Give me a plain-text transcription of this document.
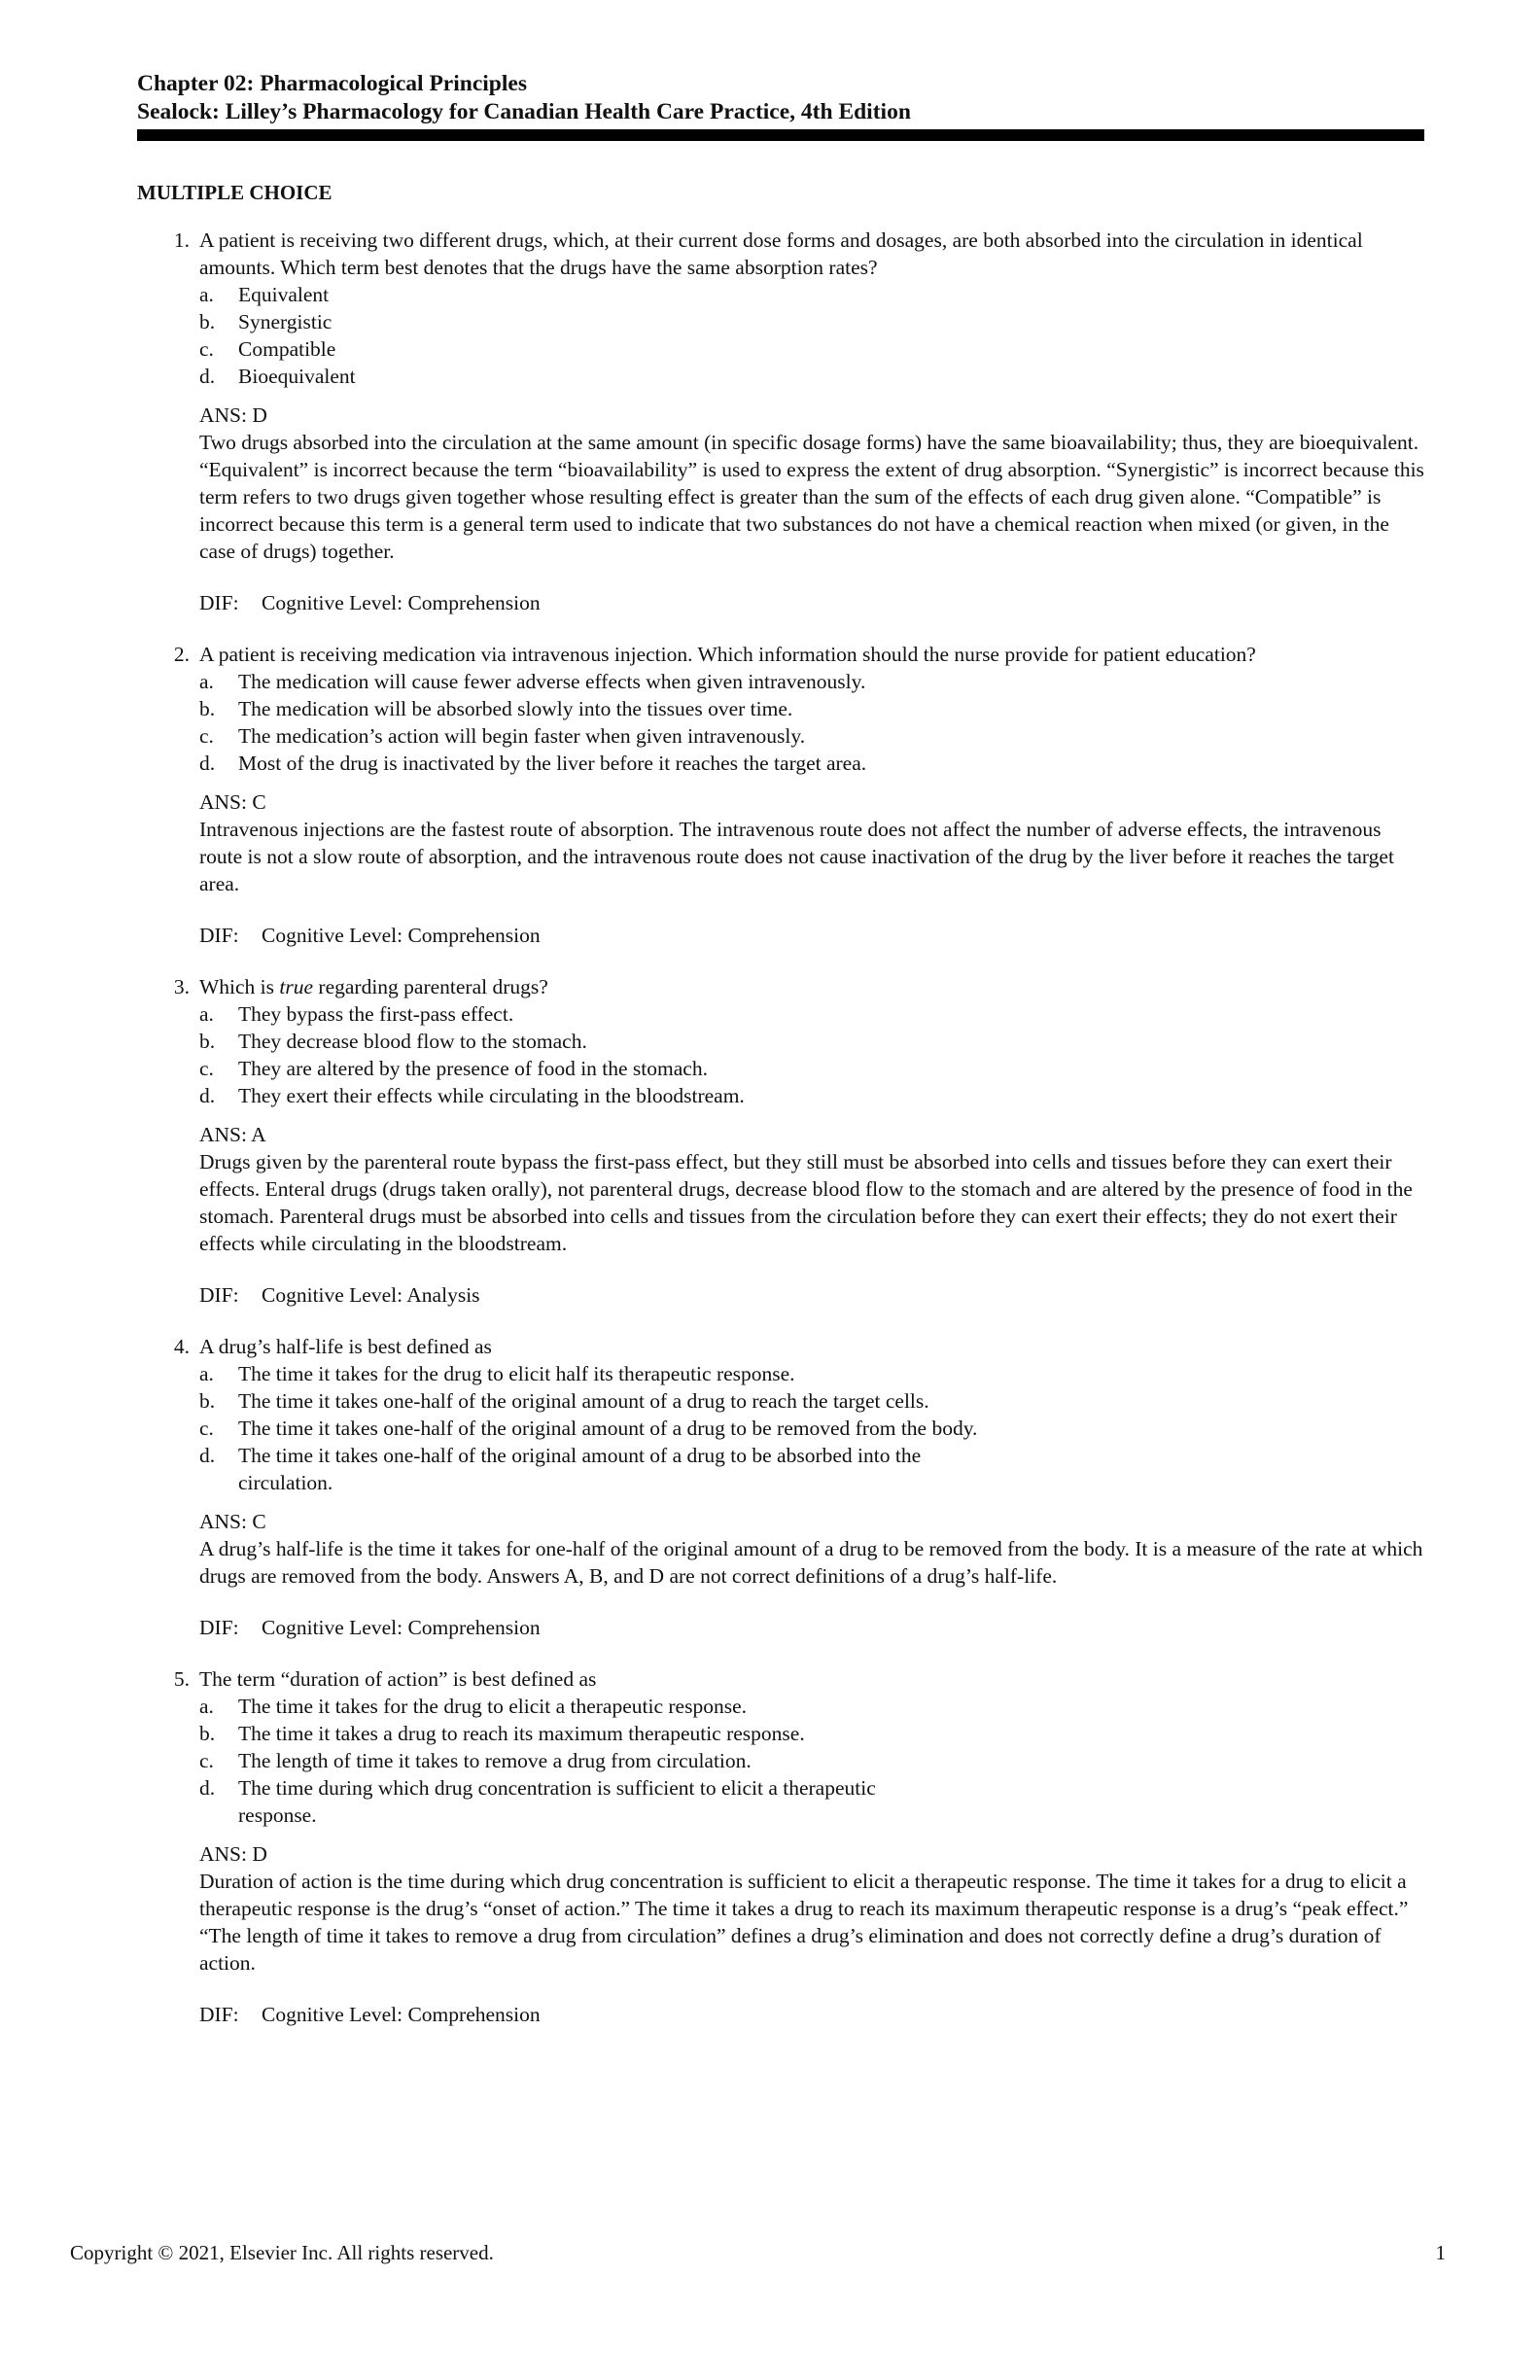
Chapter 02: Pharmacological Principles
Sealock: Lilley’s Pharmacology for Canadian Health Care Practice, 4th Edition
MULTIPLE CHOICE
1. A patient is receiving two different drugs, which, at their current dose forms and dosages, are both absorbed into the circulation in identical amounts. Which term best denotes that the drugs have the same absorption rates?
a.	Equivalent
b.	Synergistic
c.	Compatible
d.	Bioequivalent
ANS: D
Two drugs absorbed into the circulation at the same amount (in specific dosage forms) have the same bioavailability; thus, they are bioequivalent. “Equivalent” is incorrect because the term “bioavailability” is used to express the extent of drug absorption. “Synergistic” is incorrect because this term refers to two drugs given together whose resulting effect is greater than the sum of the effects of each drug given alone. “Compatible” is incorrect because this term is a general term used to indicate that two substances do not have a chemical reaction when mixed (or given, in the case of drugs) together.
DIF:	Cognitive Level: Comprehension
2. A patient is receiving medication via intravenous injection. Which information should the nurse provide for patient education?
a.	The medication will cause fewer adverse effects when given intravenously.
b.	The medication will be absorbed slowly into the tissues over time.
c.	The medication’s action will begin faster when given intravenously.
d.	Most of the drug is inactivated by the liver before it reaches the target area.
ANS: C
Intravenous injections are the fastest route of absorption. The intravenous route does not affect the number of adverse effects, the intravenous route is not a slow route of absorption, and the intravenous route does not cause inactivation of the drug by the liver before it reaches the target area.
DIF:	Cognitive Level: Comprehension
3. Which is true regarding parenteral drugs?
a.	They bypass the first-pass effect.
b.	They decrease blood flow to the stomach.
c.	They are altered by the presence of food in the stomach.
d.	They exert their effects while circulating in the bloodstream.
ANS: A
Drugs given by the parenteral route bypass the first-pass effect, but they still must be absorbed into cells and tissues before they can exert their effects. Enteral drugs (drugs taken orally), not parenteral drugs, decrease blood flow to the stomach and are altered by the presence of food in the stomach. Parenteral drugs must be absorbed into cells and tissues from the circulation before they can exert their effects; they do not exert their effects while circulating in the bloodstream.
DIF:	Cognitive Level: Analysis
4. A drug’s half-life is best defined as
a.	The time it takes for the drug to elicit half its therapeutic response.
b.	The time it takes one-half of the original amount of a drug to reach the target cells.
c.	The time it takes one-half of the original amount of a drug to be removed from the body.
d.	The time it takes one-half of the original amount of a drug to be absorbed into the circulation.
ANS: C
A drug’s half-life is the time it takes for one-half of the original amount of a drug to be removed from the body. It is a measure of the rate at which drugs are removed from the body. Answers A, B, and D are not correct definitions of a drug’s half-life.
DIF:	Cognitive Level: Comprehension
5. The term “duration of action” is best defined as
a.	The time it takes for the drug to elicit a therapeutic response.
b.	The time it takes a drug to reach its maximum therapeutic response.
c.	The length of time it takes to remove a drug from circulation.
d.	The time during which drug concentration is sufficient to elicit a therapeutic response.
ANS: D
Duration of action is the time during which drug concentration is sufficient to elicit a therapeutic response. The time it takes for a drug to elicit a therapeutic response is the drug’s “onset of action.” The time it takes a drug to reach its maximum therapeutic response is a drug’s “peak effect.” “The length of time it takes to remove a drug from circulation” defines a drug’s elimination and does not correctly define a drug’s duration of action.
DIF:	Cognitive Level: Comprehension
Copyright © 2021, Elsevier Inc. All rights reserved.	1
